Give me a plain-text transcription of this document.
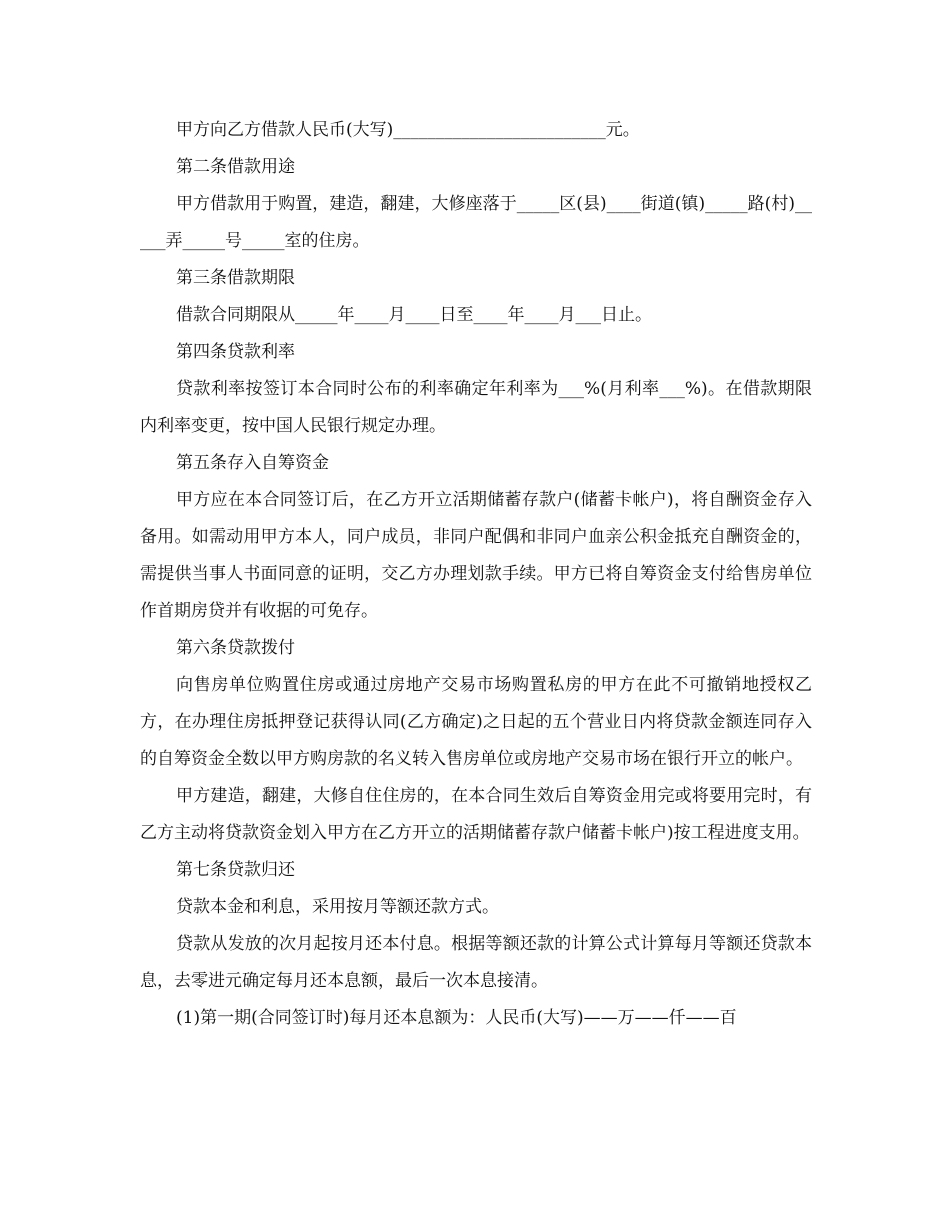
甲方向乙方借款人民币(大写)_________________________元。

第二条借款用途

甲方借款用于购置，建造，翻建，大修座落于_____区(县)____街道(镇)_____路(村)_____弄_____号_____室的住房。

第三条借款期限

借款合同期限从_____年____月____日至____年____月___日止。

第四条贷款利率

贷款利率按签订本合同时公布的利率确定年利率为___%(月利率___%)。在借款期限内利率变更，按中国人民银行规定办理。

第五条存入自筹资金

甲方应在本合同签订后，在乙方开立活期储蓄存款户(储蓄卡帐户)，将自酬资金存入备用。如需动用甲方本人，同户成员，非同户配偶和非同户血亲公积金抵充自酬资金的，需提供当事人书面同意的证明，交乙方办理划款手续。甲方已将自筹资金支付给售房单位作首期房贷并有收据的可免存。

第六条贷款拨付

向售房单位购置住房或通过房地产交易市场购置私房的甲方在此不可撤销地授权乙方，在办理住房抵押登记获得认同(乙方确定)之日起的五个营业日内将贷款金额连同存入的自筹资金全数以甲方购房款的名义转入售房单位或房地产交易市场在银行开立的帐户。

甲方建造，翻建，大修自住住房的，在本合同生效后自筹资金用完或将要用完时，有乙方主动将贷款资金划入甲方在乙方开立的活期储蓄存款户储蓄卡帐户)按工程进度支用。

第七条贷款归还

贷款本金和利息，采用按月等额还款方式。

贷款从发放的次月起按月还本付息。根据等额还款的计算公式计算每月等额还贷款本息，去零进元确定每月还本息额，最后一次本息接清。

(1)第一期(合同签订时)每月还本息额为：人民币(大写)——万——仟——百
